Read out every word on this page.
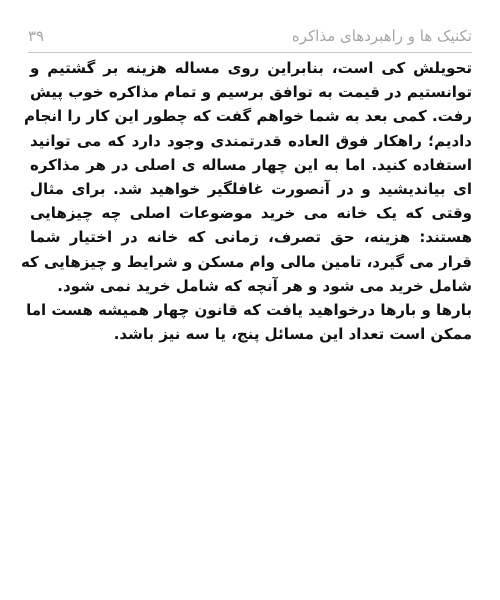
تکنیک ها و راهبردهای مذاکره
۳۹
تحویلش کی است، بنابراین روی مساله هزینه بر گشتیم و
توانستیم در قیمت به توافق برسیم و تمام مذاکره خوب پیش
رفت. کمی بعد به شما خواهم گفت که چطور این کار را انجام
دادیم؛ راهکار فوق العاده قدرتمندی وجود دارد که می توانید
استفاده کنید. اما به این چهار مساله ی اصلی در هر مذاکره
ای بیاندیشید و در آنصورت غافلگیر خواهید شد. برای مثال
وقتی که یک خانه می خرید موضوعات اصلی چه چیزهایی
هستند: هزینه، حق تصرف، زمانی که خانه در اختیار شما
قرار می گیرد، تامین مالی وام مسکن و شرایط و چیزهایی که
شامل خرید می شود و هر آنچه که شامل خرید نمی شود.
بارها و بارها درخواهید یافت که قانون چهار همیشه هست اما
ممکن است تعداد این مسائل پنج، یا سه نیز باشد.
